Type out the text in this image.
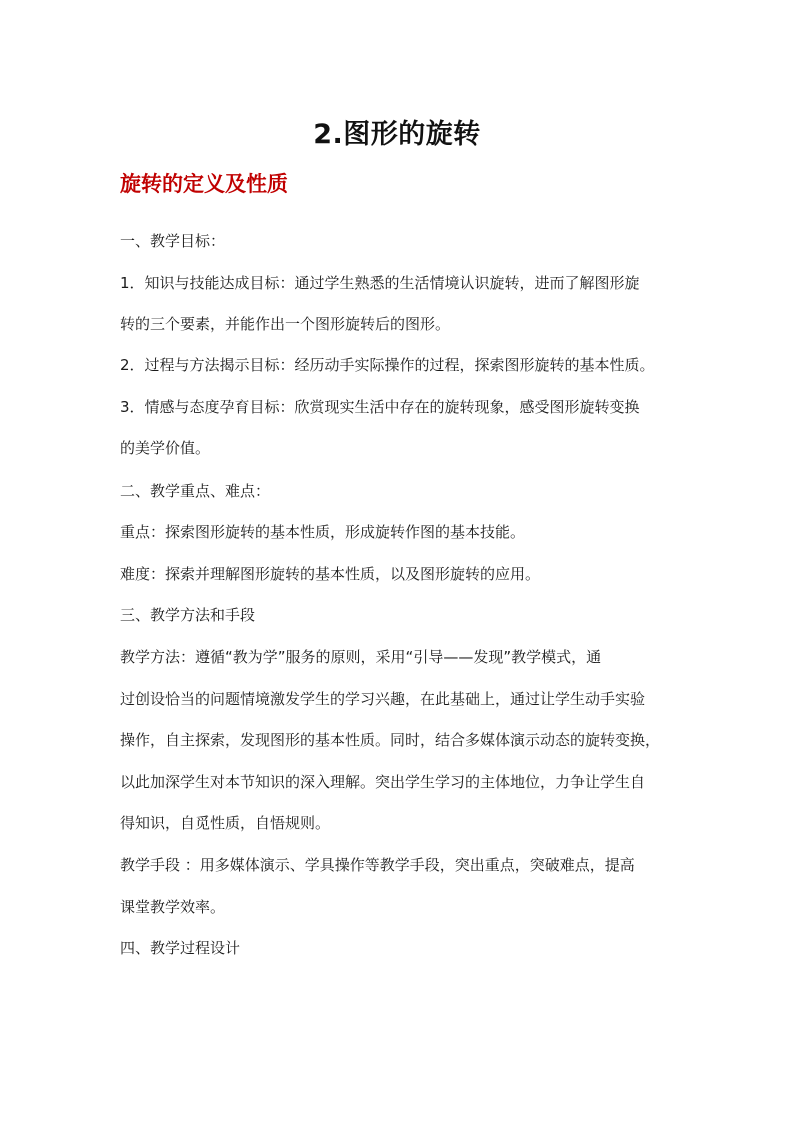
2.图形的旋转
旋转的定义及性质
一、教学目标：
1．知识与技能达成目标：通过学生熟悉的生活情境认识旋转，进而了解图形旋
转的三个要素，并能作出一个图形旋转后的图形。
2．过程与方法揭示目标：经历动手实际操作的过程，探索图形旋转的基本性质。
3．情感与态度孕育目标：欣赏现实生活中存在的旋转现象，感受图形旋转变换
的美学价值。
二、教学重点、难点：
重点：探索图形旋转的基本性质，形成旋转作图的基本技能。
难度：探索并理解图形旋转的基本性质，以及图形旋转的应用。
三、教学方法和手段
教学方法：遵循“教为学”服务的原则，采用“引导——发现”教学模式，通
过创设恰当的问题情境激发学生的学习兴趣，在此基础上，通过让学生动手实验
操作，自主探索，发现图形的基本性质。同时，结合多媒体演示动态的旋转变换，
以此加深学生对本节知识的深入理解。突出学生学习的主体地位，力争让学生自
得知识，自觅性质，自悟规则。
教学手段 ：用多媒体演示、学具操作等教学手段，突出重点，突破难点，提高
课堂教学效率。
四、教学过程设计
